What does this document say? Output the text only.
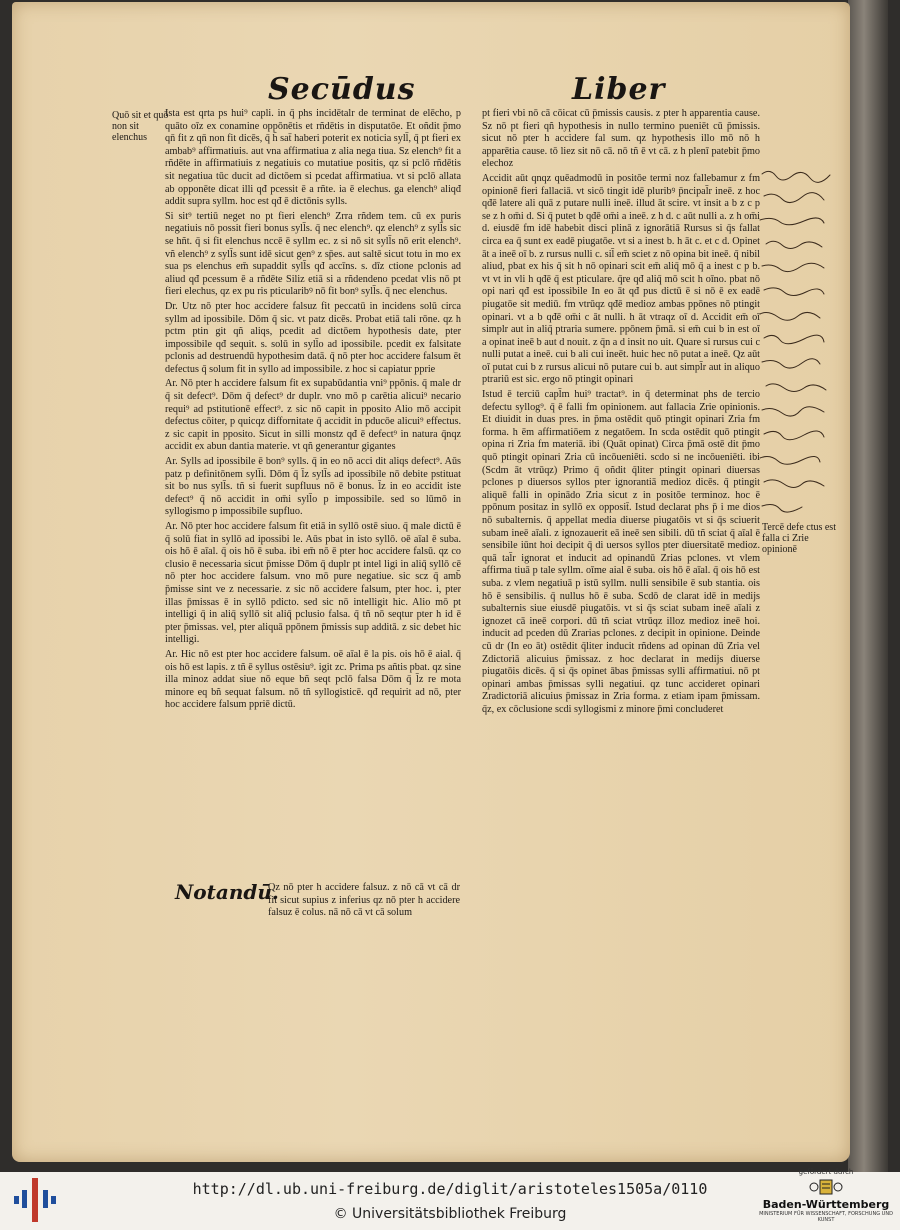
Secūdus	Liber
Quō sit et quō non sit elenchus
Tercē defe ctus est falla ci Zrie opinionē

Ista est qrta ps hui⁹ capli. in q̄ phs incidētal̄r de terminat de elēcho, p quāto oīz ex conamine oppōnētis et rñdētis in disputatōe. Et oñdit p̄mo qn̄ fit z qn̄ non fit dicēs, q̄ h̄ sat̄ haberi poterit ex noticia syll̄, q̄ pt fieri ex ambab⁹ affirmatiuis. aut vna affirmatiua z alia nega tiua. Sz elench⁹ fit a rñdēte in affirmatiuis z negatiuis co mutatiue positis, qz si pclō rñdētis sit negatiua tūc ducit ad dictōem si pcedat affirmatiua. vt si pclō allata ab opponēte dicat illi qđ pcessit ē a rñte. ia ē elechus. ga elench⁹ aliqđ addit supra syllm. hoc est qđ ē dictōnis sylls.

Si sit⁹ tertiū neget no pt fieri elench⁹ Zrra rñdem tem. cū ex puris negatiuis nō possit fieri bonus syll̄s. q̄ nec elench⁹. qz elench⁹ z syll̄s sic se hñt. q̄ si fit elenchus nccē ē syllm ec. z si nō sit syll̄s nō erit elench⁹. vñ elench⁹ z syll̄s sunt idē sicut gen⁹ z sp̄es. aut saltē sicut totu in mo ex sua ps elenchus em̄ supaddit syll̄s qđ accīns. s. dīz ctione pclonis ad aliud qđ pcessum ē a rñdēte Siliz etiā si a rñdendeno pcedat vlis nō pt fieri elechus, qz ex pu ris pticularibꝰ nō fit bon⁹ syll̄s. q̄ nec elenchus.

Dr. Utz nō pter hoc accidere falsuz fit peccatū in incidens solū circa syllm ad ipossibile. Dōm q̄ sic. vt patz dicēs. Probat etiā tali rōne. qz h pctm ptin git qñ aliqs, pcedit ad dictōem hypothesis date, pter impossibile qđ sequit. s. solū in syll̄o ad ipossibile. pcedit ex falsitate pclonis ad destruendū hypothesim datā. q̄ nō pter hoc accidere falsum ēt defectus q̄ solum fit in syllo ad impossibile. z hoc si capiatur pprie

Ar. Nō pter h accidere falsum fit ex supabūdantia vni⁹ ppōnis. q̄ male dr q̄ sit defect⁹. Dōm q̄ defect⁹ dr duplr. vno mō p carētia alicui⁹ necario requi⁹ ad pstitutionē effect⁹. z sic nō capit in pposito Alio mō accipit defectus cōiter, p quicqz diffornitate q̄ accidit in pducōe alicui⁹ effectus. z sic capit in pposito. Sicut in silli monstz qđ ē defect⁹ in natura q̄nqz accidit ex abun dantia materie. vt qñ generantur gigantes

Ar. Sylls ad ipossibile ē bon⁹ sylls. q̄ in eo nō acci dit aliqs defect⁹. Aūs patz p definitōnem syll̄i. Dōm q̄ l̄z syll̄s ad ipossibile nō debite pstituat sit bo nus syll̄s. tñ si fuerit supfluus nō ē bonus. l̄z in eo accidit iste defect⁹ q̄ nō accidit in om̄i syll̄o p impossibile. sed so lūmō in syllogismo p impossibile supfluo.

Ar. Nō pter hoc accidere falsum fit etiā in syllō ostē siuo. q̄ male dictū ē q̄ solū fiat in syllō ad ipossibi le. Aūs pbat in isto syllō. oē aīal ē suba. ois hō ē aīal. q̄ ois hō ē suba. ibi em̄ nō ē pter hoc accidere falsū. qz co clusio ē necessaria sicut p̄misse Dōm q̄ duplr pt intel ligi in aliq̄ syllō cē nō pter hoc accidere falsum. vno mō pure negatiue. sic scz q̄ amb̄ p̄misse sint ve z necessarie. z sic nō accidere falsum, pter hoc. i, pter illas p̄missas ē in syllō pdicto. sed sic nō intelligit hic. Alio mō pt intelligi q̄ in aliq̄ syllō sit aliq̄ pclusio falsa. q̄ tñ nō seqtur pter h id ē pter p̄missas. vel, pter aliquā ppōnem p̄missis sup additā. z sic debet hic intelligi.

Ar. Hic nō est pter hoc accidere falsum. oē aīal ē la pis. ois hō ē aial. q̄ ois hō est lapis. z tñ ē syllus ostēsiu⁹. igit zc. Prima ps añtis pbat. qz sine illa minoz addat siue nō eque bñ seqt pclō falsa Dōm q̄ l̄z re mota minore eq bñ sequat falsum. nō tñ syllogisticē. qđ requirit ad nō, pter hoc accidere falsum ppriē dictū.

Notandū.
Qz nō pter h accidere falsuz. z nō cā vt cā dr fit sicut supius z inferius qz nō pter h accidere falsuz ē colus. nā nō cā vt cā solum

pt fieri vbi nō cā cōicat cū p̄missis causis. z pter h apparentia cause. Sz nō pt fieri qñ hypothesis in nullo termino pueniēt cū p̄missis. sicut nō pter h accidere fal sum. qz hypothesis illo mō nō h apparētia cause. tō liez sit nō cā. nō tñ ē vt cā. z h plenī patebit p̄mo elechoz

Accidit aūt qnqz quēadmodū in positōe termi noz fallebamur z fm opinionē fieri fallaciā. vt sicō tingit idē pluribꝰ p̄ncipal̄r ineē. z hoc qđē latere ali quā z putare nulli ineē. illud āt scire. vt insit a b z c p se z h om̄i d. Si q̄ putet b qđē om̄i a ineē. z h d. c aūt nulli a. z h om̄i d. eiusdē fm idē habebit disci plinā z ignorātiā Rursus si q̄s fallat circa ea q̄ sunt ex eadē piugatōe. vt si a inest b. h āt c. et c d. Opinet āt a ineē oī b. z rursus nulli c. sil̄ em̄ sciet z nō opina bit ineē. q̄ nibil aliud, pbat ex his q̄ sit h nō opinari scit em̄ aliq̄ mō q̄ a inest c p b. vt vt in vli h qđē q̄ est pticulare. q̄re qđ aliq̄ mō scit h oīno. pbat nō opi nari qđ est ipossibile In eo āt qđ pus dictū ē si nō ē ex eadē piugatōe sit mediū. fm vtrūqz qđē medioz ambas ppōnes nō ptingit opinari. vt a b qđē om̄i c āt nulli. h āt vtraqz oī d. Accidit em̄ oī simplr aut in aliq̄ ptraria sumere. ppōnem p̄mā. si em̄ cui b in est oī a opinat ineē b aut d nouit. z q̄n a d insit no uit. Quare si rursus cui c nulli putat a ineē. cui b ali cui ineēt. huic hec nō putat a ineē. Qz aūt oī putat cui b z rursus alicui nō putare cui b. aut simpl̄r aut in aliquo ptrariū est sic. ergo nō ptingit opinari

Istud ē terciū capl̄m hui⁹ tractat⁹. in q̄ determinat phs de tercio defectu syllog⁹. q̄ ē falli fm opinionem. aut fallacia Zrie opinionis. Et diuidit in duas pres. in p̄ma ostēdit quō ptingit opinari Zria fm forma. h ēm affirmatiōem z negatōem. In scda ostēdit quō ptingit opina ri Zria fm materiā. ibi (Quāt opinat) Circa p̄mā ostē dit p̄mo quō ptingit opinari Zria cū incōueniēti. scdo si ne incōueniēti. ibi (Scdm āt vtrūqz) Primo q̄ oñdit q̄liter ptingit opinari diuersas pclones p diuersos syllos pter ignorantiā medioz dicēs. q̄ ptingit aliquē falli in opinādo Zria sicut z in positōe terminoz. hoc ē ppōnum positaz in syllō ex opposit̄. Istud declarat phs p̄ i me dios nō subalternis. q̄ appellat media diuerse piugatōis vt si q̄s sciuerit subam ineē aīali. z ignozauerit eā ineē sen sibili. dū tñ sciat q̄ aīal ē sensibile iūnt hoi decipit q̄ di uersos syllos pter diuersitatē medioz. quā tal̄r ignorat et inducit ad opinandū Zrias pclones. vt vlem affirma tiuā p tale syllm. oīme aial ē suba. ois hō ē aīal. q̄ ois hō est suba. z vlem negatiuā p istū syllm. nulli sensibile ē sub stantia. ois hō ē sensibilis. q̄ nullus hō ē suba. Scdō de clarat idē in medijs subalternis siue eiusdē piugatōis. vt si q̄s sciat subam ineē aīali z ignozet cā ineē corpori. dū tñ sciat vtrūqz illoz medioz ineē hoi. inducit ad pceden dū Zrarias pclones. z decipit in opinione. Deinde cū dr (In eo āt) ostēdit q̄liter inducit rñdens ad opinan dū Zria vel Zdictoriā alicuius p̄missaz. z hoc declarat in medijs diuerse piugatōis dicēs. q̄ si q̄s opinet ābas p̄missas sylli affirmatiui. nō pt opinari ambas p̄missas sylli negatiui. qz tunc accideret opinari Zradictoriā alicuius p̄missaz in Zria forma. z etiam ipam p̄missam. q̄z, ex cōclusione scdi syllogismi z minore p̄mi concluderet

http://dl.ub.uni-freiburg.de/diglit/aristoteles1505a/0110
© Universitätsbibliothek Freiburg
gefördert durch
Baden-Württemberg
MINISTERIUM FÜR WISSENSCHAFT, FORSCHUNG UND KUNST
